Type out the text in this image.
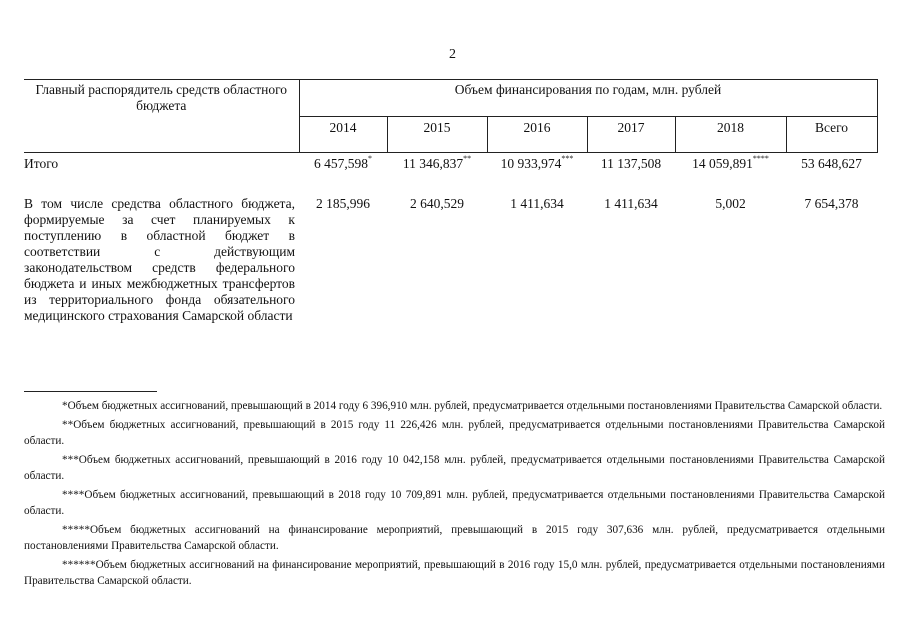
2
Главный распорядитель средств областного бюджета	Объем финансирования по годам, млн. рублей					
	2014	2015	2016	2017	2018	Всего
Итого	6 457,598*	11 346,837**	10 933,974***	11 137,508	14 059,891****	53 648,627
В том числе средства областного бюджета, формируемые за счет планируемых к поступлению в областной бюджет в соответствии с действующим законодательством средств федерального бюджета и иных межбюджетных трансфертов из территориального фонда обязательного медицинского страхования Самарской области	2 185,996	2 640,529	1 411,634	1 411,634	5,002	7 654,378

*Объем бюджетных ассигнований, превышающий в 2014 году 6 396,910 млн. рублей, предусматривается отдельными постановлениями Правительства Самарской области.

**Объем бюджетных ассигнований, превышающий в 2015 году 11 226,426 млн. рублей, предусматривается отдельными постановлениями Правительства Самарской области.

***Объем бюджетных ассигнований, превышающий в 2016 году 10 042,158 млн. рублей, предусматривается отдельными постановлениями Правительства Самарской области.

****Объем бюджетных ассигнований, превышающий в 2018 году 10 709,891 млн. рублей, предусматривается отдельными постановлениями Правительства Самарской области.

*****Объем бюджетных ассигнований на финансирование мероприятий, превышающий в 2015 году 307,636 млн. рублей, предусматривается отдельными постановлениями Правительства Самарской области.

******Объем бюджетных ассигнований на финансирование мероприятий, превышающий в 2016 году 15,0 млн. рублей, предусматривается отдельными постановлениями Правительства Самарской области.
